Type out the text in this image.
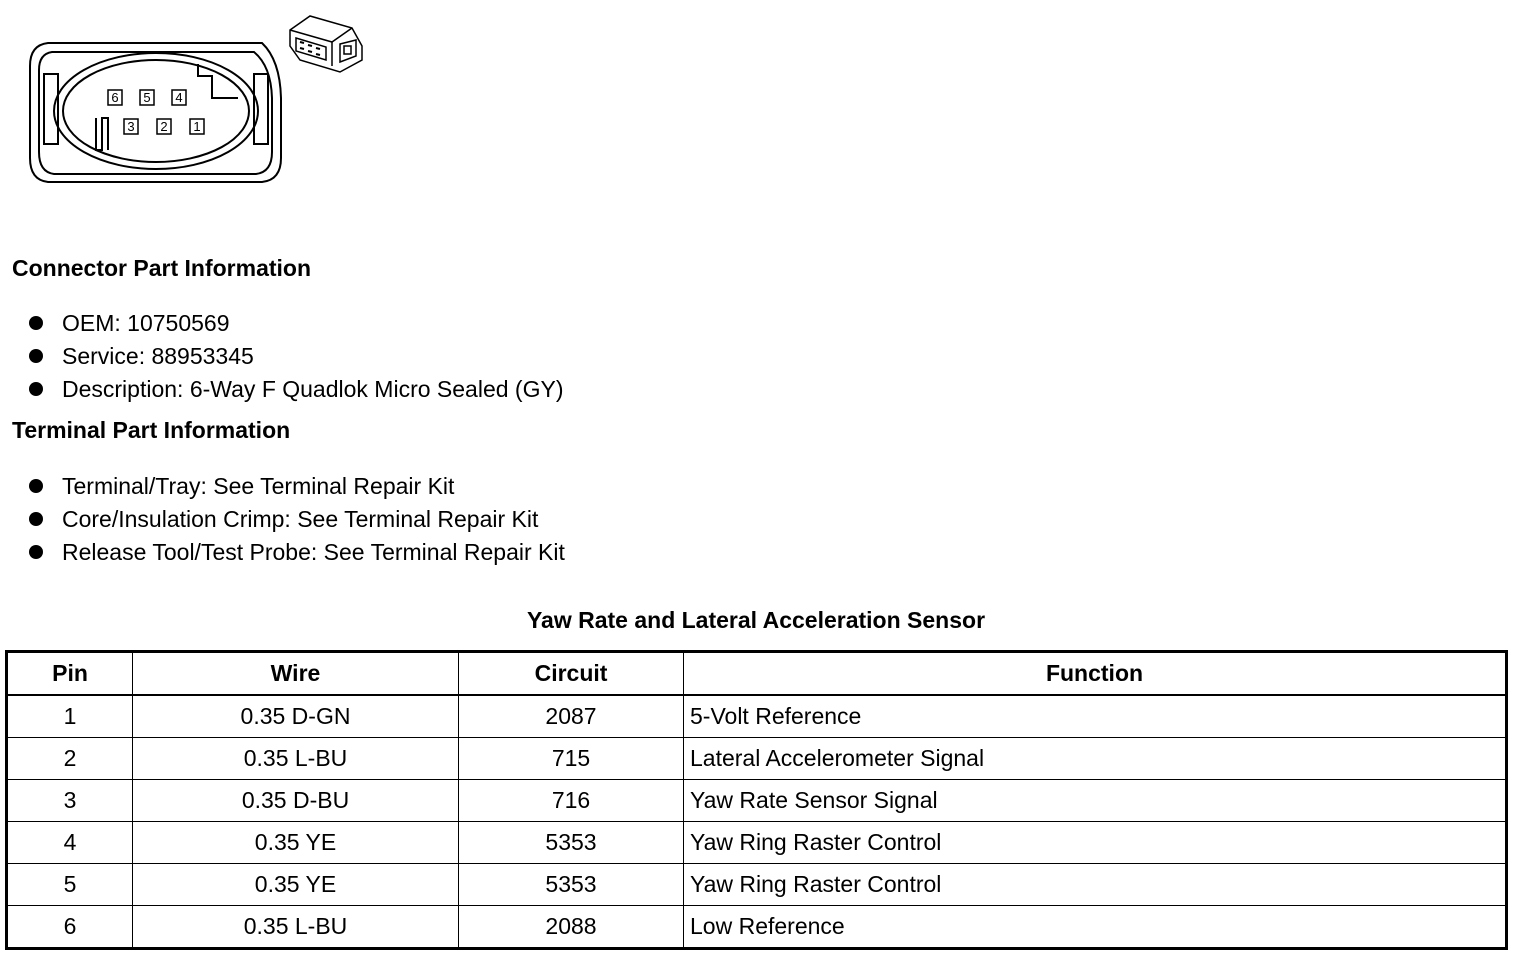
6 5 4
3 2 1
Connector Part Information
OEM: 10750569
Service: 88953345
Description: 6-Way F Quadlok Micro Sealed (GY)
Terminal Part Information
Terminal/Tray: See Terminal Repair Kit
Core/Insulation Crimp: See Terminal Repair Kit
Release Tool/Test Probe: See Terminal Repair Kit
Yaw Rate and Lateral Acceleration Sensor
Pin	Wire	Circuit	Function
1	0.35 D-GN	2087	5-Volt Reference
2	0.35 L-BU	715	Lateral Accelerometer Signal
3	0.35 D-BU	716	Yaw Rate Sensor Signal
4	0.35 YE	5353	Yaw Ring Raster Control
5	0.35 YE	5353	Yaw Ring Raster Control
6	0.35 L-BU	2088	Low Reference
